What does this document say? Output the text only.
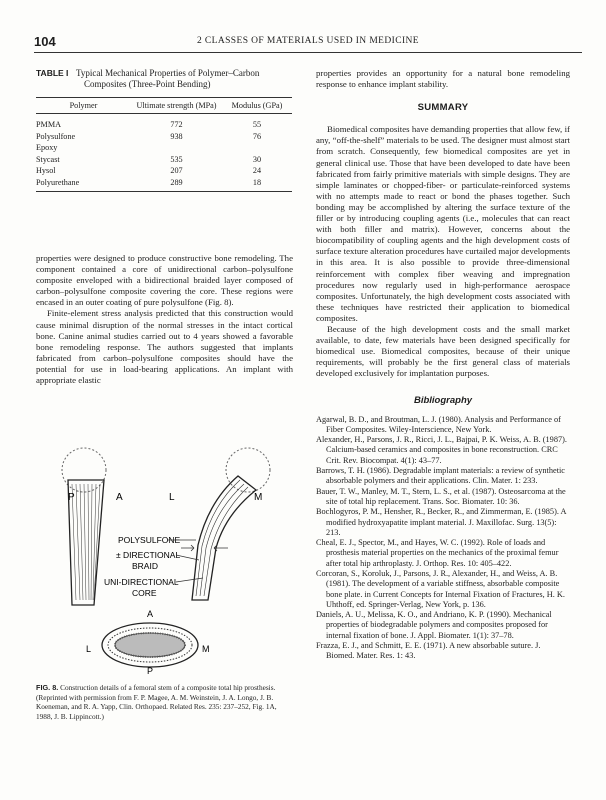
104	2 CLASSES OF MATERIALS USED IN MEDICINE
TABLE I Typical Mechanical Properties of Polymer–Carbon
Composites (Three-Point Bending)
Polymer	Ultimate strength (MPa)	Modulus (GPa)
PMMA	772	55
Polysulfone	938	76
Epoxy		
Stycast	535	30
Hysol	207	24
Polyurethane	289	18

properties were designed to produce constructive bone remodeling. The component contained a core of unidirectional carbon–polysulfone composite enveloped with a bidirectional braided layer composed of carbon–polysulfone composite covering the core. These regions were encased in an outer coating of pure polysulfone (Fig. 8).

Finite-element stress analysis predicted that this construction would cause minimal disruption of the normal stresses in the intact cortical bone. Canine animal studies carried out to 4 years showed a favorable bone remodeling response. The authors suggested that implants fabricated from carbon–polysulfone composites should have the potential for use in load-bearing applications. An implant with appropriate elastic

P	A	L	M
POLYSULFONE
± DIRECTIONAL
BRAID
UNI-DIRECTIONAL
CORE
A
L	M
P
FIG. 8. Construction details of a femoral stem of a composite total hip prosthesis. (Reprinted with permission from F. P. Magee, A. M. Weinstein, J. A. Longo, J. B. Koeneman, and R. A. Yapp, Clin. Orthopaed. Related Res. 235: 237–252, Fig. 1A, 1988, J. B. Lippincott.)

properties provides an opportunity for a natural bone remodeling response to enhance implant stability.

SUMMARY

Biomedical composites have demanding properties that allow few, if any, “off-the-shelf” materials to be used. The designer must almost start from scratch. Consequently, few biomedical composites are yet in general clinical use. Those that have been developed to date have been fabricated from fairly primitive materials with simple designs. They are simple laminates or chopped-fiber- or particulate-reinforced systems with no attempts made to react or bond the phases together. Such bonding may be accomplished by altering the surface texture of the filler or by introducing coupling agents (i.e., molecules that can react with both filler and matrix). However, concerns about the biocompatibility of coupling agents and the high development costs of surface texture alteration procedures have curtailed major developments in this area. It is also possible to provide three-dimensional reinforcement with complex fiber weaving and impregnation procedures now regularly used in high-performance aerospace composites. Unfortunately, the high development costs associated with these techniques have restricted their application to biomedical composites.

Because of the high development costs and the small market available, to date, few materials have been designed specifically for biomedical use. Biomedical composites, because of their unique requirements, will probably be the first general class of materials developed exclusively for implantation purposes.

Bibliography

Agarwal, B. D., and Broutman, L. J. (1980). Analysis and Performance of Fiber Composites. Wiley-Interscience, New York.

Alexander, H., Parsons, J. R., Ricci, J. L., Bajpai, P. K. Weiss, A. B. (1987). Calcium-based ceramics and composites in bone reconstruction. CRC Crit. Rev. Biocompat. 4(1): 43–77.

Barrows, T. H. (1986). Degradable implant materials: a review of synthetic absorbable polymers and their applications. Clin. Mater. 1: 233.

Bauer, T. W., Manley, M. T., Stern, L. S., et al. (1987). Osteosarcoma at the site of total hip replacement. Trans. Soc. Biomater. 10: 36.

Bochlogyros, P. M., Hensher, R., Becker, R., and Zimmerman, E. (1985). A modified hydroxyapatite implant material. J. Maxillofac. Surg. 13(5): 213.

Cheal, E. J., Spector, M., and Hayes, W. C. (1992). Role of loads and prosthesis material properties on the mechanics of the proximal femur after total hip arthroplasty. J. Orthop. Res. 10: 405–422.

Corcoran, S., Koroluk, J., Parsons, J. R., Alexander, H., and Weiss, A. B. (1981). The development of a variable stiffness, absorbable composite bone plate. in Current Concepts for Internal Fixation of Fractures, H. K. Uhthoff, ed. Springer-Verlag, New York, p. 136.

Daniels, A. U., Melissa, K. O., and Andriano, K. P. (1990). Mechanical properties of biodegradable polymers and composites proposed for internal fixation of bone. J. Appl. Biomater. 1(1): 37–78.

Frazza, E. J., and Schmitt, E. E. (1971). A new absorbable suture. J. Biomed. Mater. Res. 1: 43.
